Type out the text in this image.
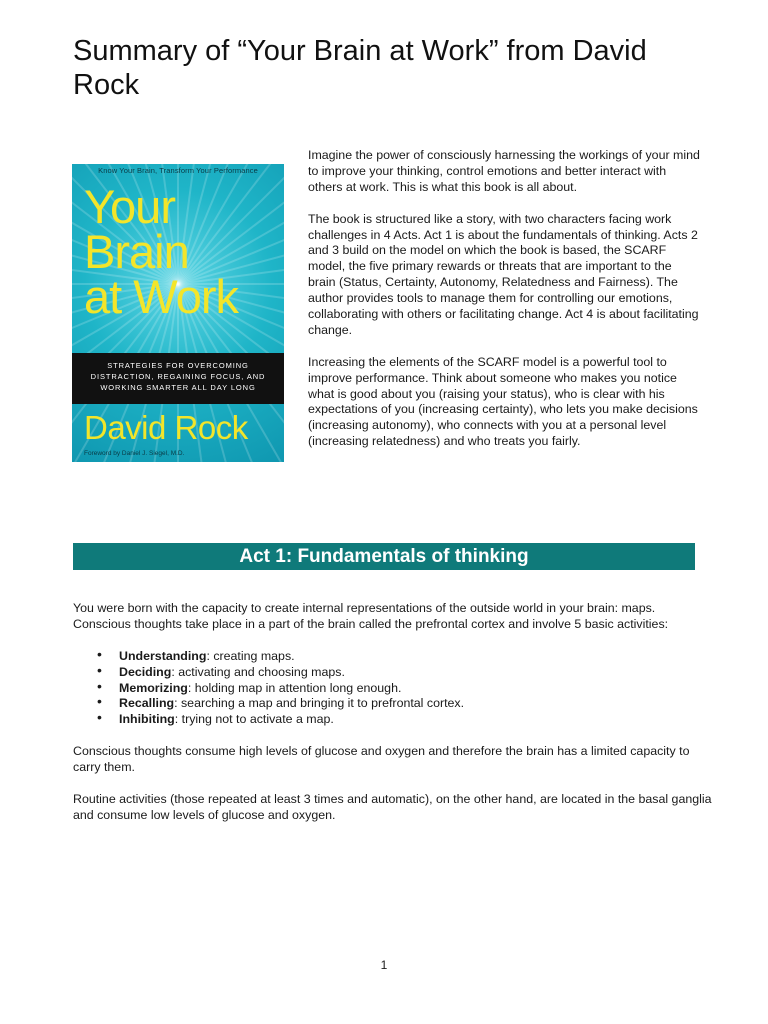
Summary of “Your Brain at Work” from David Rock
Know Your Brain, Transform Your Performance
Your
Brain
at Work
STRATEGIES FOR OVERCOMING
DISTRACTION, REGAINING FOCUS, AND
WORKING SMARTER ALL DAY LONG
David Rock
Foreword by Daniel J. Siegel, M.D.

Imagine the power of consciously harnessing the workings of your mind to improve your thinking, control emotions and better interact with others at work. This is what this book is all about.

The book is structured like a story, with two characters facing work challenges in 4 Acts. Act 1 is about the fundamentals of thinking. Acts 2 and 3 build on the model on which the book is based, the SCARF model, the five primary rewards or threats that are important to the brain (Status, Certainty, Autonomy, Relatedness and Fairness). The author provides tools to manage them for controlling our emotions, collaborating with others or facilitating change. Act 4 is about facilitating change.

Increasing the elements of the SCARF model is a powerful tool to improve performance. Think about someone who makes you notice what is good about you (raising your status), who is clear with his expectations of you (increasing certainty), who lets you make decisions (increasing autonomy), who connects with you at a personal level (increasing relatedness) and who treats you fairly.

Act 1: Fundamentals of thinking

You were born with the capacity to create internal representations of the outside world in your brain: maps. Conscious thoughts take place in a part of the brain called the prefrontal cortex and involve 5 basic activities:

• Understanding: creating maps.
• Deciding: activating and choosing maps.
• Memorizing: holding map in attention long enough.
• Recalling: searching a map and bringing it to prefrontal cortex.
• Inhibiting: trying not to activate a map.

Conscious thoughts consume high levels of glucose and oxygen and therefore the brain has a limited capacity to carry them.

Routine activities (those repeated at least 3 times and automatic), on the other hand, are located in the basal ganglia and consume low levels of glucose and oxygen.

1
